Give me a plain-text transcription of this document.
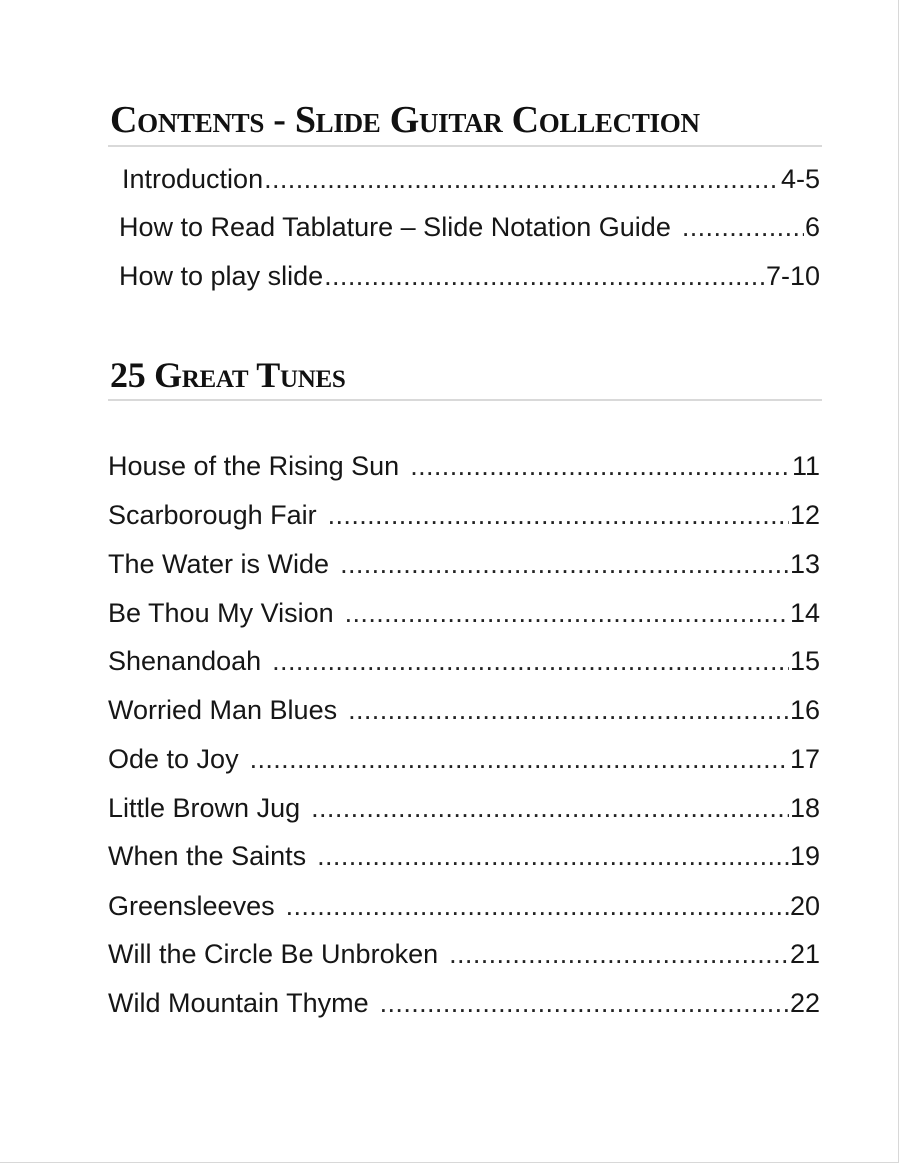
Contents - Slide Guitar Collection
Introduction .....	4-5
How to Read Tablature – Slide Notation Guide .....	6
How to play slide .....	7-10
25 Great Tunes
House of the Rising Sun .....	11
Scarborough Fair .....	12
The Water is Wide .....	13
Be Thou My Vision .....	14
Shenandoah .....	15
Worried Man Blues .....	16
Ode to Joy .....	17
Little Brown Jug .....	18
When the Saints .....	19
Greensleeves .....	20
Will the Circle Be Unbroken .....	21
Wild Mountain Thyme .....	22
